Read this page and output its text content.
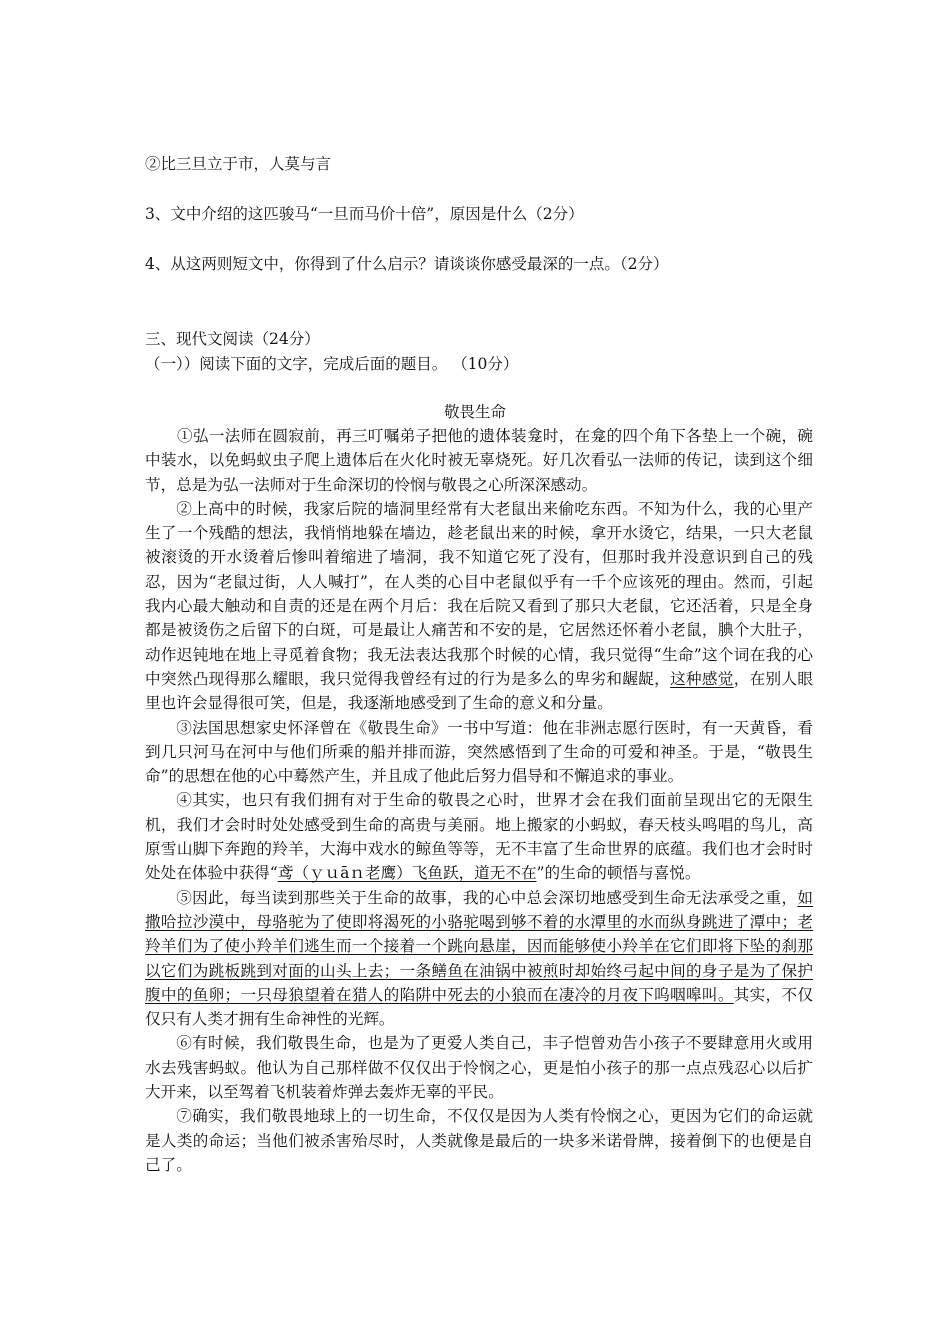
②比三旦立于市，人莫与言
3、文中介绍的这匹骏马“一旦而马价十倍”，原因是什么（2分）
4、从这两则短文中，你得到了什么启示？请谈谈你感受最深的一点。（2分）
三、现代文阅读（24分）
（一））阅读下面的文字，完成后面的题目。 （10分）
敬畏生命

①弘一法师在圆寂前，再三叮嘱弟子把他的遗体装龛时，在龛的四个角下各垫上一个碗，碗中装水，以免蚂蚁虫子爬上遗体后在火化时被无辜烧死。好几次看弘一法师的传记，读到这个细节，总是为弘一法师对于生命深切的怜悯与敬畏之心所深深感动。

②上高中的时候，我家后院的墙洞里经常有大老鼠出来偷吃东西。不知为什么，我的心里产生了一个残酷的想法，我悄悄地躲在墙边，趁老鼠出来的时候，拿开水烫它，结果，一只大老鼠被滚烫的开水烫着后惨叫着缩进了墙洞，我不知道它死了没有，但那时我并没意识到自己的残忍，因为“老鼠过街，人人喊打”，在人类的心目中老鼠似乎有一千个应该死的理由。然而，引起我内心最大触动和自责的还是在两个月后：我在后院又看到了那只大老鼠，它还活着，只是全身都是被烫伤之后留下的白斑，可是最让人痛苦和不安的是，它居然还怀着小老鼠，腆个大肚子，动作迟钝地在地上寻觅着食物；我无法表达我那个时候的心情，我只觉得“生命”这个词在我的心中突然凸现得那么耀眼，我只觉得我曾经有过的行为是多么的卑劣和龌龊，这种感觉，在别人眼里也许会显得很可笑，但是，我逐渐地感受到了生命的意义和分量。

③法国思想家史怀泽曾在《敬畏生命》一书中写道：他在非洲志愿行医时，有一天黄昏，看到几只河马在河中与他们所乘的船并排而游，突然感悟到了生命的可爱和神圣。于是，“敬畏生命”的思想在他的心中蓦然产生，并且成了他此后努力倡导和不懈追求的事业。

④其实，也只有我们拥有对于生命的敬畏之心时，世界才会在我们面前呈现出它的无限生机，我们才会时时处处感受到生命的高贵与美丽。地上搬家的小蚂蚁，春天枝头鸣唱的鸟儿，高原雪山脚下奔跑的羚羊，大海中戏水的鲸鱼等等，无不丰富了生命世界的底蕴。我们也才会时时处处在体验中获得“鸢（ｙｕāｎ老鹰）飞鱼跃，道无不在”的生命的顿悟与喜悦。

⑤因此，每当读到那些关于生命的故事，我的心中总会深切地感受到生命无法承受之重，如撒哈拉沙漠中，母骆驼为了使即将渴死的小骆驼喝到够不着的水潭里的水而纵身跳进了潭中；老羚羊们为了使小羚羊们逃生而一个接着一个跳向悬崖，因而能够使小羚羊在它们即将下坠的刹那以它们为跳板跳到对面的山头上去；一条鳝鱼在油锅中被煎时却始终弓起中间的身子是为了保护腹中的鱼卵；一只母狼望着在猎人的陷阱中死去的小狼而在凄冷的月夜下呜咽嗥叫。其实，不仅仅只有人类才拥有生命神性的光辉。

⑥有时候，我们敬畏生命，也是为了更爱人类自己，丰子恺曾劝告小孩子不要肆意用火或用水去残害蚂蚁。他认为自己那样做不仅仅出于怜悯之心，更是怕小孩子的那一点点残忍心以后扩大开来，以至驾着飞机装着炸弹去轰炸无辜的平民。

⑦确实，我们敬畏地球上的一切生命，不仅仅是因为人类有怜悯之心，更因为它们的命运就是人类的命运；当他们被杀害殆尽时，人类就像是最后的一块多米诺骨牌，接着倒下的也便是自己了。
